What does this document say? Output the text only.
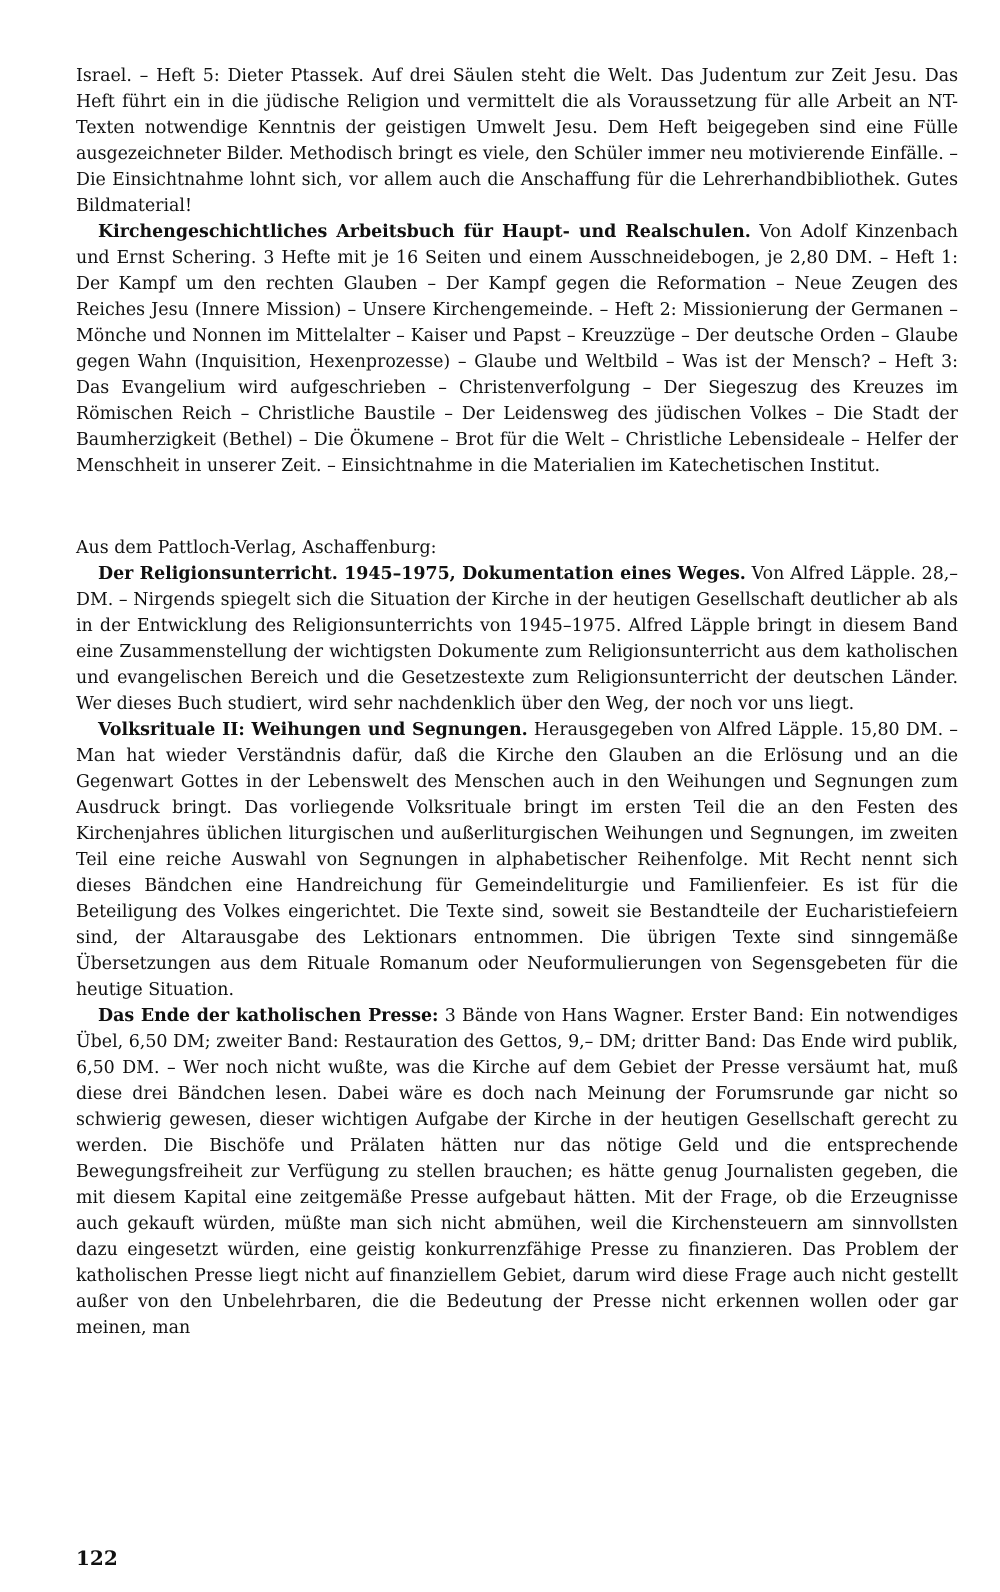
Israel. – Heft 5: Dieter Ptassek. Auf drei Säulen steht die Welt. Das Judentum zur Zeit Jesu. Das Heft führt ein in die jüdische Religion und vermittelt die als Voraussetzung für alle Arbeit an NT-Texten notwendige Kenntnis der geistigen Umwelt Jesu. Dem Heft beigegeben sind eine Fülle ausgezeichneter Bilder. Methodisch bringt es viele, den Schüler immer neu motivierende Einfälle. – Die Einsichtnahme lohnt sich, vor allem auch die Anschaffung für die Lehrerhandbibliothek. Gutes Bildmaterial!

Kirchengeschichtliches Arbeitsbuch für Haupt- und Realschulen. Von Adolf Kinzenbach und Ernst Schering. 3 Hefte mit je 16 Seiten und einem Ausschneidebogen, je 2,80 DM. – Heft 1: Der Kampf um den rechten Glauben – Der Kampf gegen die Reformation – Neue Zeugen des Reiches Jesu (Innere Mission) – Unsere Kirchengemeinde. – Heft 2: Missionierung der Germanen – Mönche und Nonnen im Mittelalter – Kaiser und Papst – Kreuzzüge – Der deutsche Orden – Glaube gegen Wahn (Inquisition, Hexenprozesse) – Glaube und Weltbild – Was ist der Mensch? – Heft 3: Das Evangelium wird aufgeschrieben – Christenverfolgung – Der Siegeszug des Kreuzes im Römischen Reich – Christliche Baustile – Der Leidensweg des jüdischen Volkes – Die Stadt der Baumherzigkeit (Bethel) – Die Ökumene – Brot für die Welt – Christliche Lebensideale – Helfer der Menschheit in unserer Zeit. – Einsichtnahme in die Materialien im Katechetischen Institut.

Aus dem Pattloch-Verlag, Aschaffenburg:

Der Religionsunterricht. 1945–1975, Dokumentation eines Weges. Von Alfred Läpple. 28,– DM. – Nirgends spiegelt sich die Situation der Kirche in der heutigen Gesellschaft deutlicher ab als in der Entwicklung des Religionsunterrichts von 1945–1975. Alfred Läpple bringt in diesem Band eine Zusammenstellung der wichtigsten Dokumente zum Religionsunterricht aus dem katholischen und evangelischen Bereich und die Gesetzestexte zum Religionsunterricht der deutschen Länder. Wer dieses Buch studiert, wird sehr nachdenklich über den Weg, der noch vor uns liegt.

Volksrituale II: Weihungen und Segnungen. Herausgegeben von Alfred Läpple. 15,80 DM. – Man hat wieder Verständnis dafür, daß die Kirche den Glauben an die Erlösung und an die Gegenwart Gottes in der Lebenswelt des Menschen auch in den Weihungen und Segnungen zum Ausdruck bringt. Das vorliegende Volksrituale bringt im ersten Teil die an den Festen des Kirchenjahres üblichen liturgischen und außerliturgischen Weihungen und Segnungen, im zweiten Teil eine reiche Auswahl von Segnungen in alphabetischer Reihenfolge. Mit Recht nennt sich dieses Bändchen eine Handreichung für Gemeindeliturgie und Familienfeier. Es ist für die Beteiligung des Volkes eingerichtet. Die Texte sind, soweit sie Bestandteile der Eucharistiefeiern sind, der Altarausgabe des Lektionars entnommen. Die übrigen Texte sind sinngemäße Übersetzungen aus dem Rituale Romanum oder Neuformulierungen von Segensgebeten für die heutige Situation.

Das Ende der katholischen Presse: 3 Bände von Hans Wagner. Erster Band: Ein notwendiges Übel, 6,50 DM; zweiter Band: Restauration des Gettos, 9,– DM; dritter Band: Das Ende wird publik, 6,50 DM. – Wer noch nicht wußte, was die Kirche auf dem Gebiet der Presse versäumt hat, muß diese drei Bändchen lesen. Dabei wäre es doch nach Meinung der Forumsrunde gar nicht so schwierig gewesen, dieser wichtigen Aufgabe der Kirche in der heutigen Gesellschaft gerecht zu werden. Die Bischöfe und Prälaten hätten nur das nötige Geld und die entsprechende Bewegungsfreiheit zur Verfügung zu stellen brauchen; es hätte genug Journalisten gegeben, die mit diesem Kapital eine zeitgemäße Presse aufgebaut hätten. Mit der Frage, ob die Erzeugnisse auch gekauft würden, müßte man sich nicht abmühen, weil die Kirchensteuern am sinnvollsten dazu eingesetzt würden, eine geistig konkurrenzfähige Presse zu finanzieren. Das Problem der katholischen Presse liegt nicht auf finanziellem Gebiet, darum wird diese Frage auch nicht gestellt außer von den Unbelehrbaren, die die Bedeutung der Presse nicht erkennen wollen oder gar meinen, man

122
